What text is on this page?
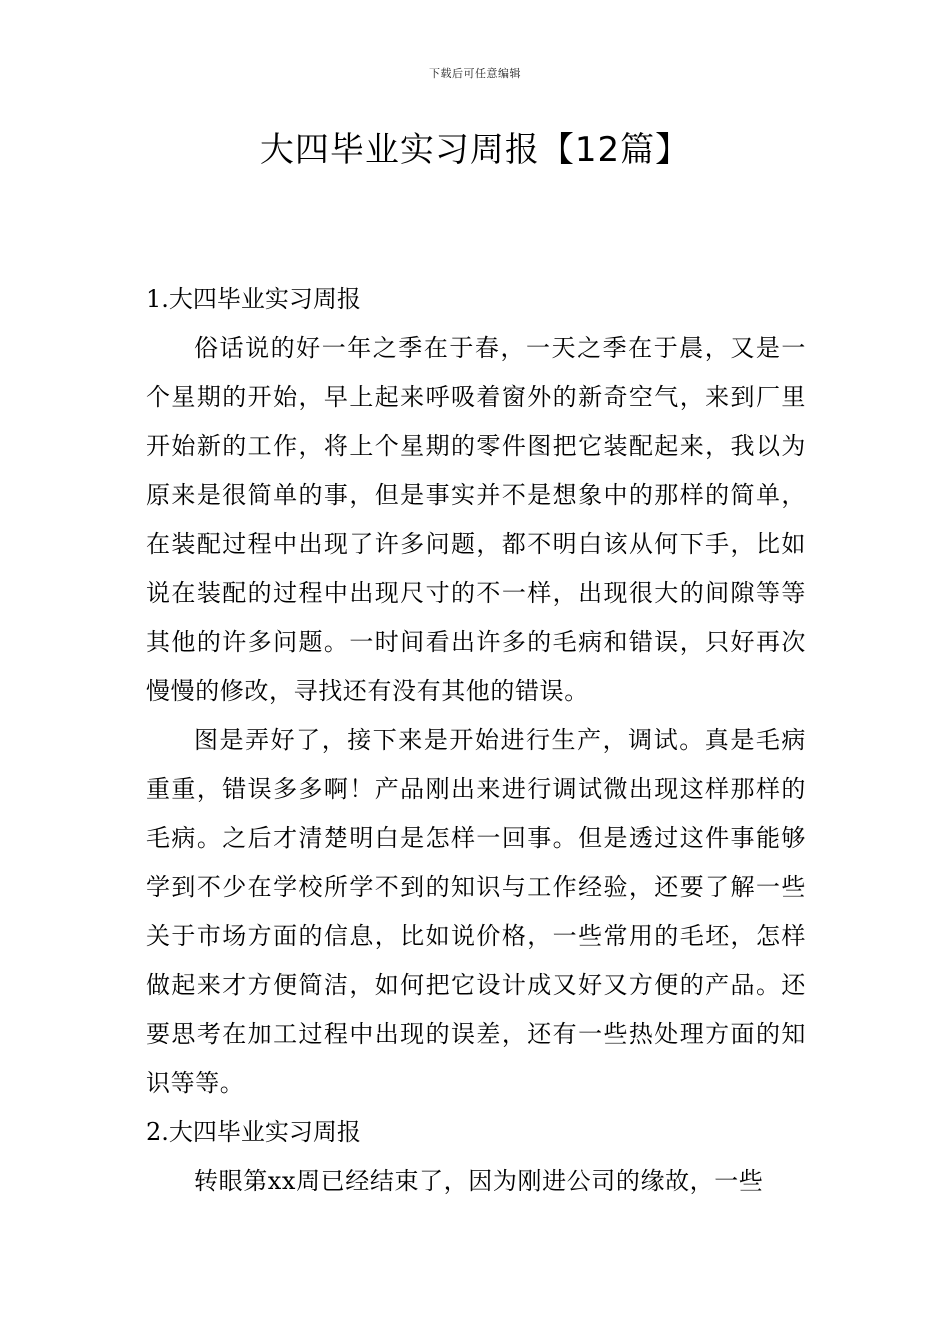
下载后可任意编辑
大四毕业实习周报【12篇】

1.大四毕业实习周报

俗话说的好一年之季在于春，一天之季在于晨，又是一个星期的开始，早上起来呼吸着窗外的新奇空气，来到厂里开始新的工作，将上个星期的零件图把它装配起来，我以为原来是很简单的事，但是事实并不是想象中的那样的简单，在装配过程中出现了许多问题，都不明白该从何下手，比如说在装配的过程中出现尺寸的不一样，出现很大的间隙等等其他的许多问题。一时间看出许多的毛病和错误，只好再次慢慢的修改，寻找还有没有其他的错误。

图是弄好了，接下来是开始进行生产，调试。真是毛病重重，错误多多啊！产品刚出来进行调试微出现这样那样的毛病。之后才清楚明白是怎样一回事。但是透过这件事能够学到不少在学校所学不到的知识与工作经验，还要了解一些关于市场方面的信息，比如说价格，一些常用的毛坯，怎样做起来才方便简洁，如何把它设计成又好又方便的产品。还要思考在加工过程中出现的误差，还有一些热处理方面的知识等等。

2.大四毕业实习周报

转眼第xx周已经结束了，因为刚进公司的缘故，一些
